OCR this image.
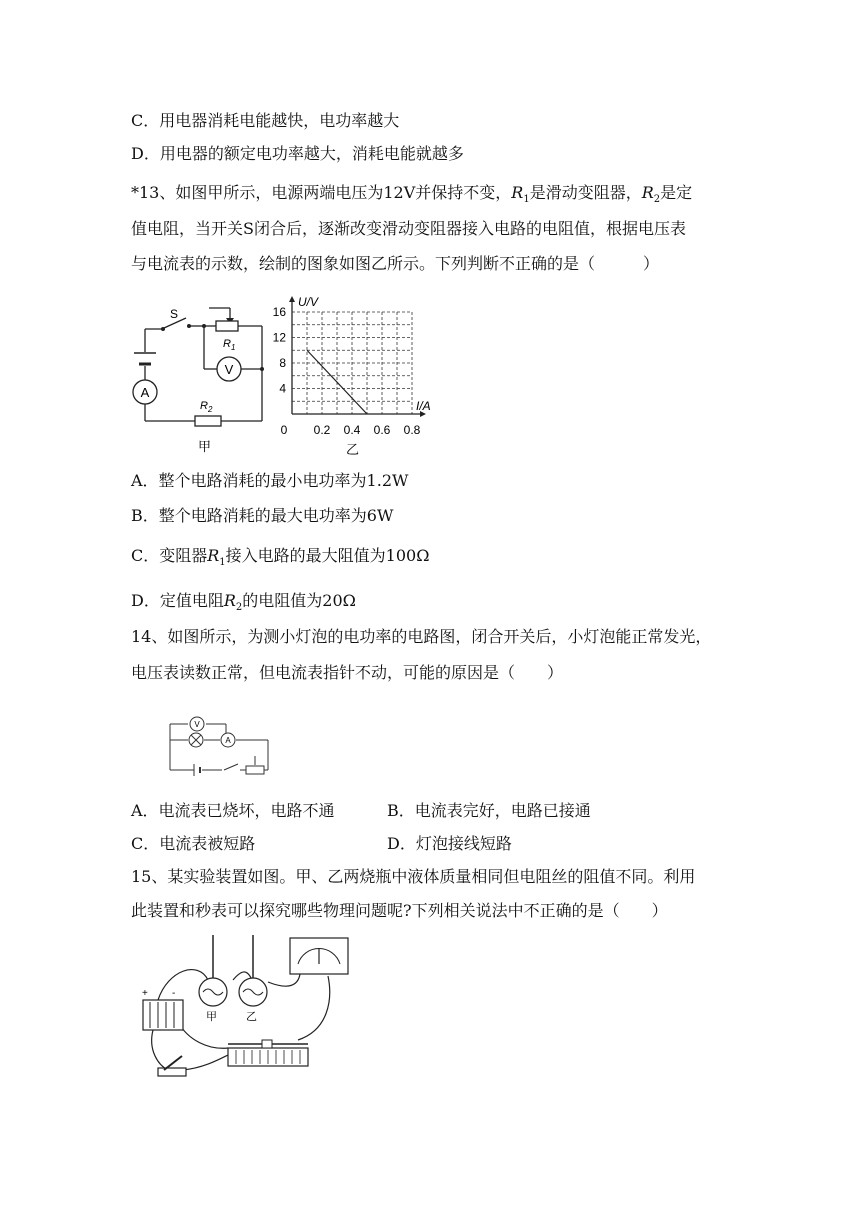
C．用电器消耗电能越快，电功率越大
D．用电器的额定电功率越大，消耗电能就越多
*13、如图甲所示，电源两端电压为12V并保持不变，$R_1$是滑动变阻器，$R_2$是定
值电阻，当开关S闭合后，逐渐改变滑动变阻器接入电路的电阻值，根据电压表
与电流表的示数，绘制的图象如图乙所示。下列判断不正确的是（　　　）
A
V
S
$R_1$
$R_2$
甲
U/V
I/A
0 0.2 0.4 0.6 0.8
4
8
12
16
乙
A．整个电路消耗的最小电功率为1.2W
B．整个电路消耗的最大电功率为6W
C．变阻器$R_1$接入电路的最大阻值为100Ω
D．定值电阻$R_2$的电阻值为20Ω
14、如图所示，为测小灯泡的电功率的电路图，闭合开关后，小灯泡能正常发光，
电压表读数正常，但电流表指针不动，可能的原因是（　　）
V
A
A．电流表已烧坏，电路不通	B．电流表完好，电路已接通
C．电流表被短路	D．灯泡接线短路
15、某实验装置如图。甲、乙两烧瓶中液体质量相同但电阻丝的阻值不同。利用
此装置和秒表可以探究哪些物理问题呢?下列相关说法中不正确的是（　　）
+ -
甲	乙
